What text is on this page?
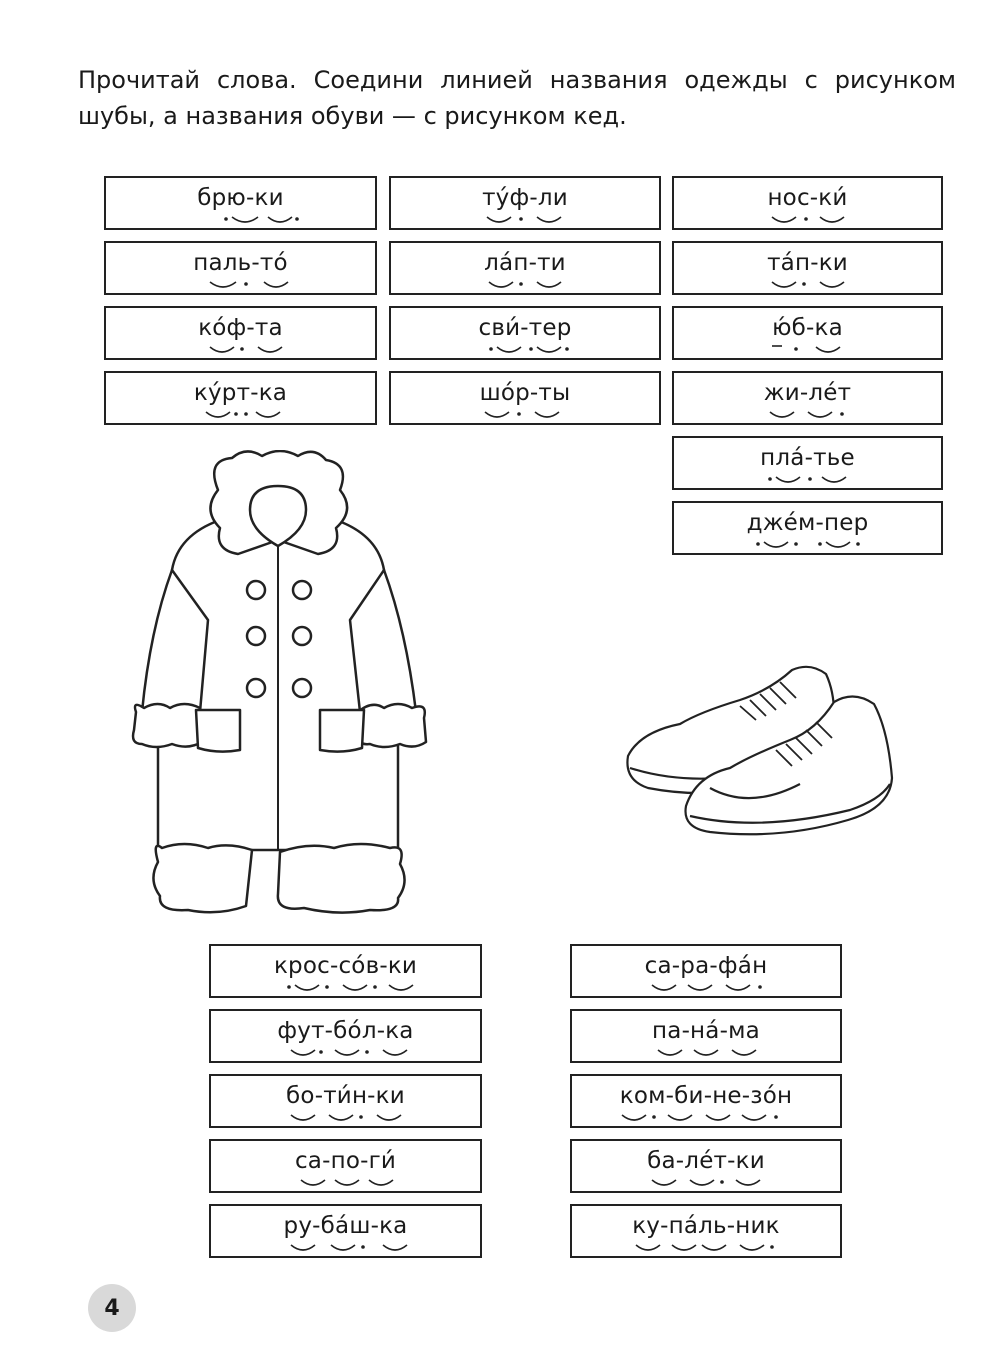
Прочитай слова. Соедини линией названия одежды с рисунком
шубы, а названия обуви — с рисунком кед.
брю-ки
паль-то́
ко́ф-та
ку́рт-ка
ту́ф-ли
ла́п-ти
сви́-тер
шо́р-ты
нос-ки́
та́п-ки
ю́б-ка
жи-ле́т
пла́-тье
дже́м-пер
крос-со́в-ки
фут-бо́л-ка
бо-ти́н-ки
са-по-ги́
ру-ба́ш-ка
са-ра-фа́н
па-на́-ма
ком-би-не-зо́н
ба-ле́т-ки
ку-па́ль-ник
4
